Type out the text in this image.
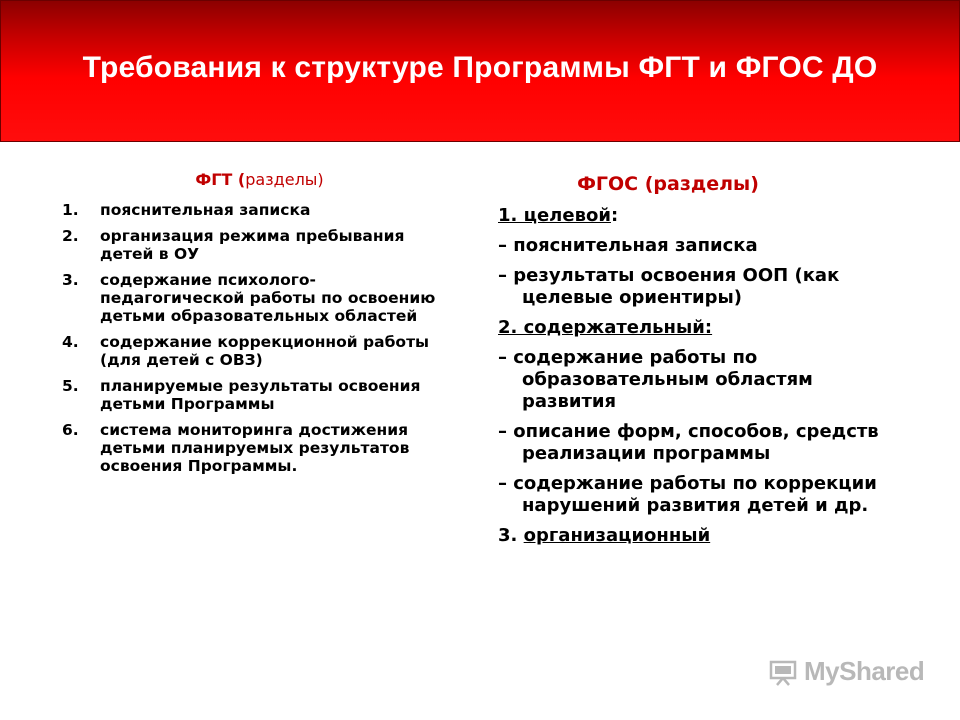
Требования к структуре Программы ФГТ и ФГОС ДО
ФГТ (разделы)
1. пояснительная записка
2. организация режима пребывания детей в ОУ
3. содержание психолого-педагогической работы по освоению детьми образовательных областей
4. содержание коррекционной работы (для детей с ОВЗ)
5. планируемые результаты освоения детьми Программы
6. система мониторинга достижения детьми планируемых результатов освоения Программы.
ФГОС (разделы)
1. целевой:
– пояснительная записка
– результаты освоения ООП (как целевые ориентиры)
2. содержательный:
– содержание работы по образовательным областям развития
– описание форм, способов, средств реализации программы
– содержание работы по коррекции нарушений развития детей и др.
3. организационный
MyShared
